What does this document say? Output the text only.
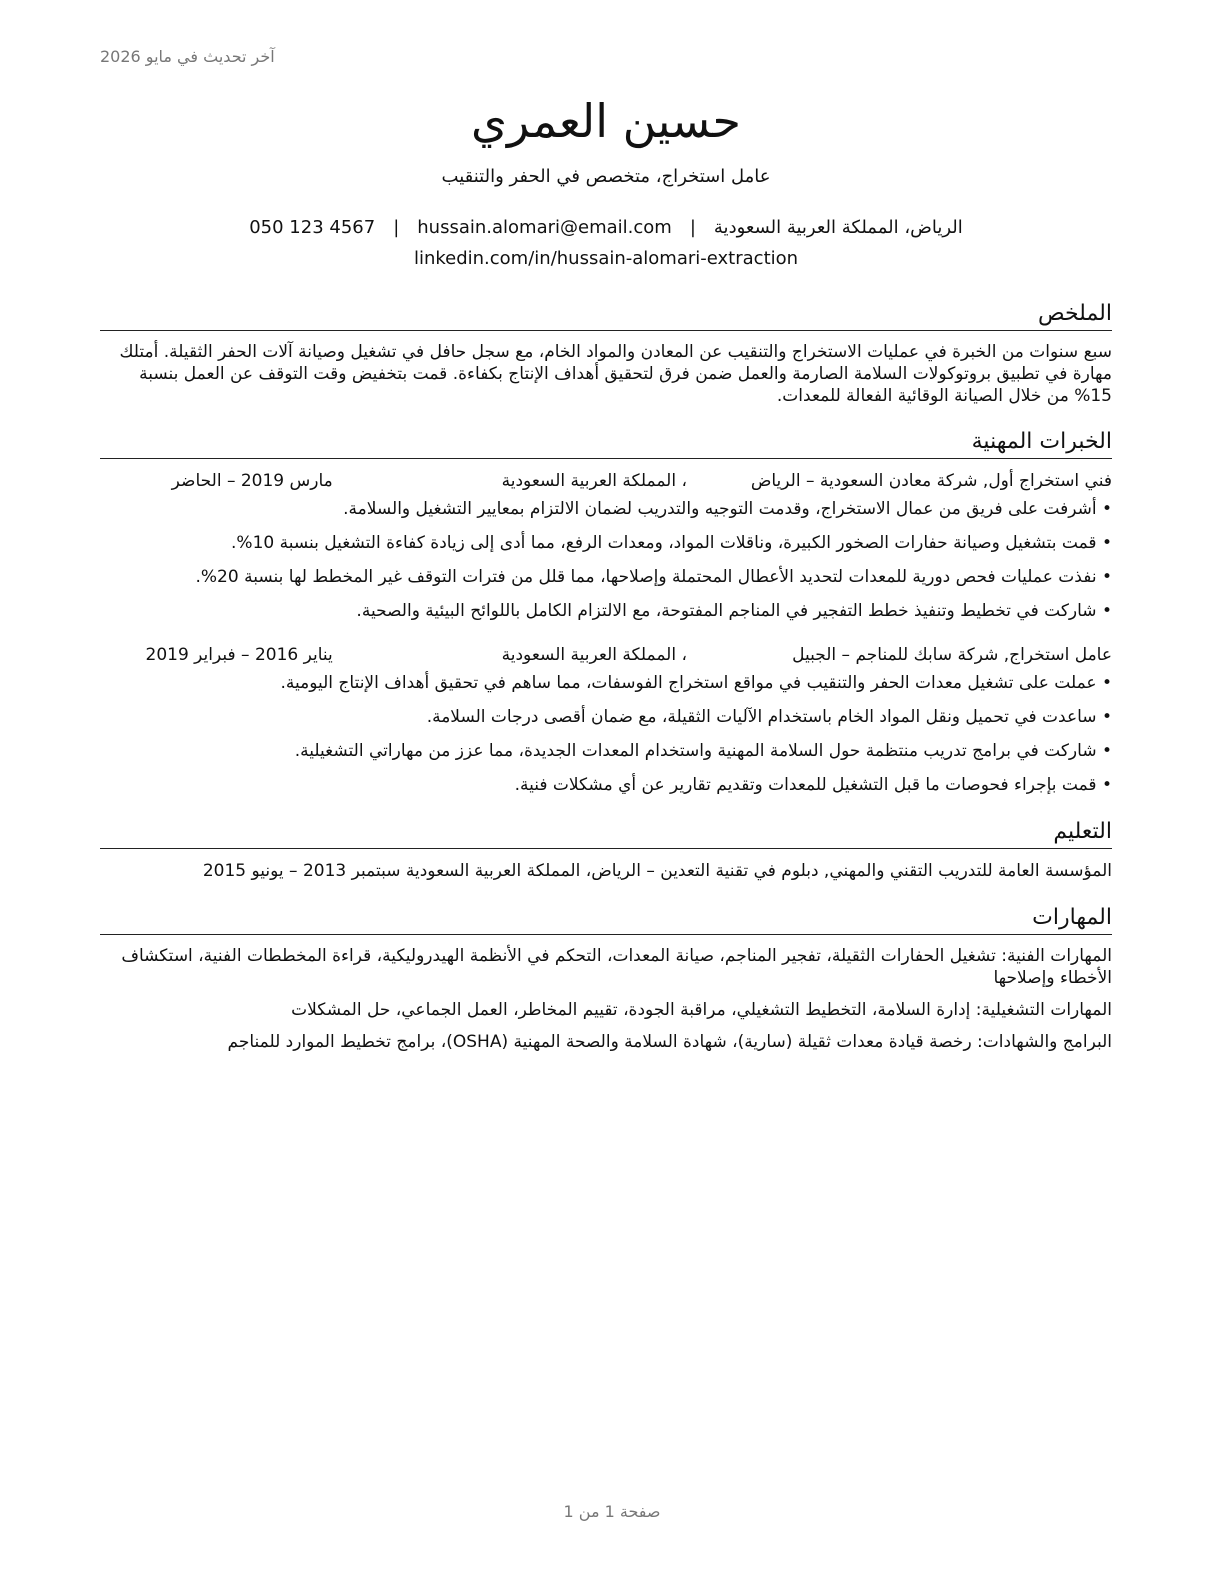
آخر تحديث في مايو 2026
حسين العمري
عامل استخراج، متخصص في الحفر والتنقيب
الرياض، المملكة العربية السعودية
|
hussain.alomari@email.com
|
050 123 4567
linkedin.com/in/hussain-alomari-extraction
الملخص
سبع سنوات من الخبرة في عمليات الاستخراج والتنقيب عن المعادن والمواد الخام، مع سجل حافل في تشغيل وصيانة آلات الحفر الثقيلة. أمتلك مهارة في تطبيق بروتوكولات السلامة الصارمة والعمل ضمن فرق لتحقيق أهداف الإنتاج بكفاءة. قمت بتخفيض وقت التوقف عن العمل بنسبة 15% من خلال الصيانة الوقائية الفعالة للمعدات.
الخبرات المهنية
فني استخراج أول, شركة معادن السعودية – الرياض
، المملكة العربية السعودية
مارس 2019 – الحاضر
• أشرفت على فريق من عمال الاستخراج، وقدمت التوجيه والتدريب لضمان الالتزام بمعايير التشغيل والسلامة.
• قمت بتشغيل وصيانة حفارات الصخور الكبيرة، وناقلات المواد، ومعدات الرفع، مما أدى إلى زيادة كفاءة التشغيل بنسبة 10%.
• نفذت عمليات فحص دورية للمعدات لتحديد الأعطال المحتملة وإصلاحها، مما قلل من فترات التوقف غير المخطط لها بنسبة 20%.
• شاركت في تخطيط وتنفيذ خطط التفجير في المناجم المفتوحة، مع الالتزام الكامل باللوائح البيئية والصحية.
عامل استخراج, شركة سابك للمناجم – الجبيل
، المملكة العربية السعودية
يناير 2016 – فبراير 2019
• عملت على تشغيل معدات الحفر والتنقيب في مواقع استخراج الفوسفات، مما ساهم في تحقيق أهداف الإنتاج اليومية.
• ساعدت في تحميل ونقل المواد الخام باستخدام الآليات الثقيلة، مع ضمان أقصى درجات السلامة.
• شاركت في برامج تدريب منتظمة حول السلامة المهنية واستخدام المعدات الجديدة، مما عزز من مهاراتي التشغيلية.
• قمت بإجراء فحوصات ما قبل التشغيل للمعدات وتقديم تقارير عن أي مشكلات فنية.
التعليم
المؤسسة العامة للتدريب التقني والمهني, دبلوم في تقنية التعدين – الرياض، المملكة العربية السعودية سبتمبر 2013 – يونيو 2015
المهارات
المهارات الفنية: تشغيل الحفارات الثقيلة، تفجير المناجم، صيانة المعدات، التحكم في الأنظمة الهيدروليكية، قراءة المخططات الفنية، استكشاف الأخطاء وإصلاحها
المهارات التشغيلية: إدارة السلامة، التخطيط التشغيلي، مراقبة الجودة، تقييم المخاطر، العمل الجماعي، حل المشكلات
البرامج والشهادات: رخصة قيادة معدات ثقيلة (سارية)، شهادة السلامة والصحة المهنية (OSHA)، برامج تخطيط الموارد للمناجم
صفحة 1 من 1
